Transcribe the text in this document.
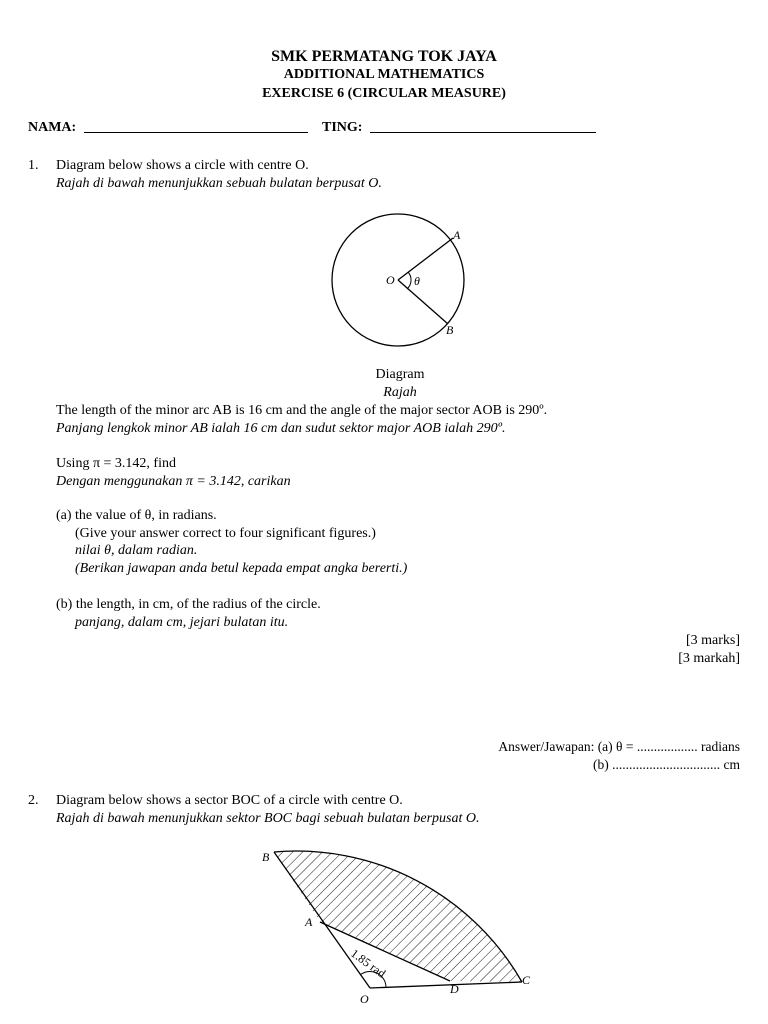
SMK PERMATANG TOK JAYA
ADDITIONAL MATHEMATICS
EXERCISE 6 (CIRCULAR MEASURE)
NAMA:	TING:
1. Diagram below shows a circle with centre O.
Rajah di bawah menunjukkan sebuah bulatan berpusat O.
A
B
O θ
Diagram
Rajah
The length of the minor arc AB is 16 cm and the angle of the major sector AOB is 290º.
Panjang lengkok minor AB ialah 16 cm dan sudut sektor major AOB ialah 290º.
Using π = 3.142, find
Dengan menggunakan π = 3.142, carikan
(a) the value of θ, in radians.
(Give your answer correct to four significant figures.)
nilai θ, dalam radian.
(Berikan jawapan anda betul kepada empat angka bererti.)
(b) the length, in cm, of the radius of the circle.
panjang, dalam cm, jejari bulatan itu.
[3 marks]
[3 markah]
Answer/Jawapan: (a) θ = .................. radians
(b) ................................ cm
2. Diagram below shows a sector BOC of a circle with centre O.
Rajah di bawah menunjukkan sektor BOC bagi sebuah bulatan berpusat O.
B
A
C
D
O
1.85 rad
